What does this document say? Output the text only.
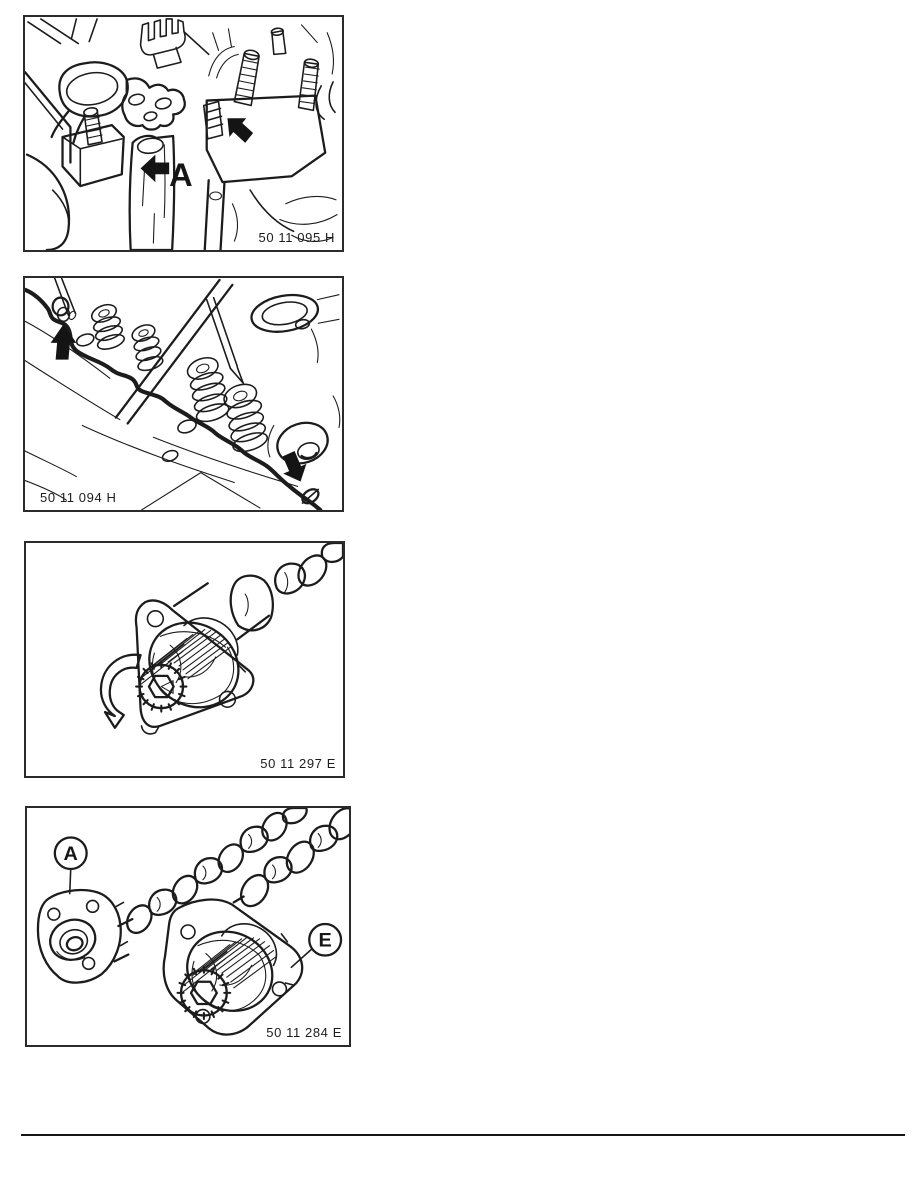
A
50 11 095 H
50 11 094 H
50 11 297 E
A
E
50 11 284 E
